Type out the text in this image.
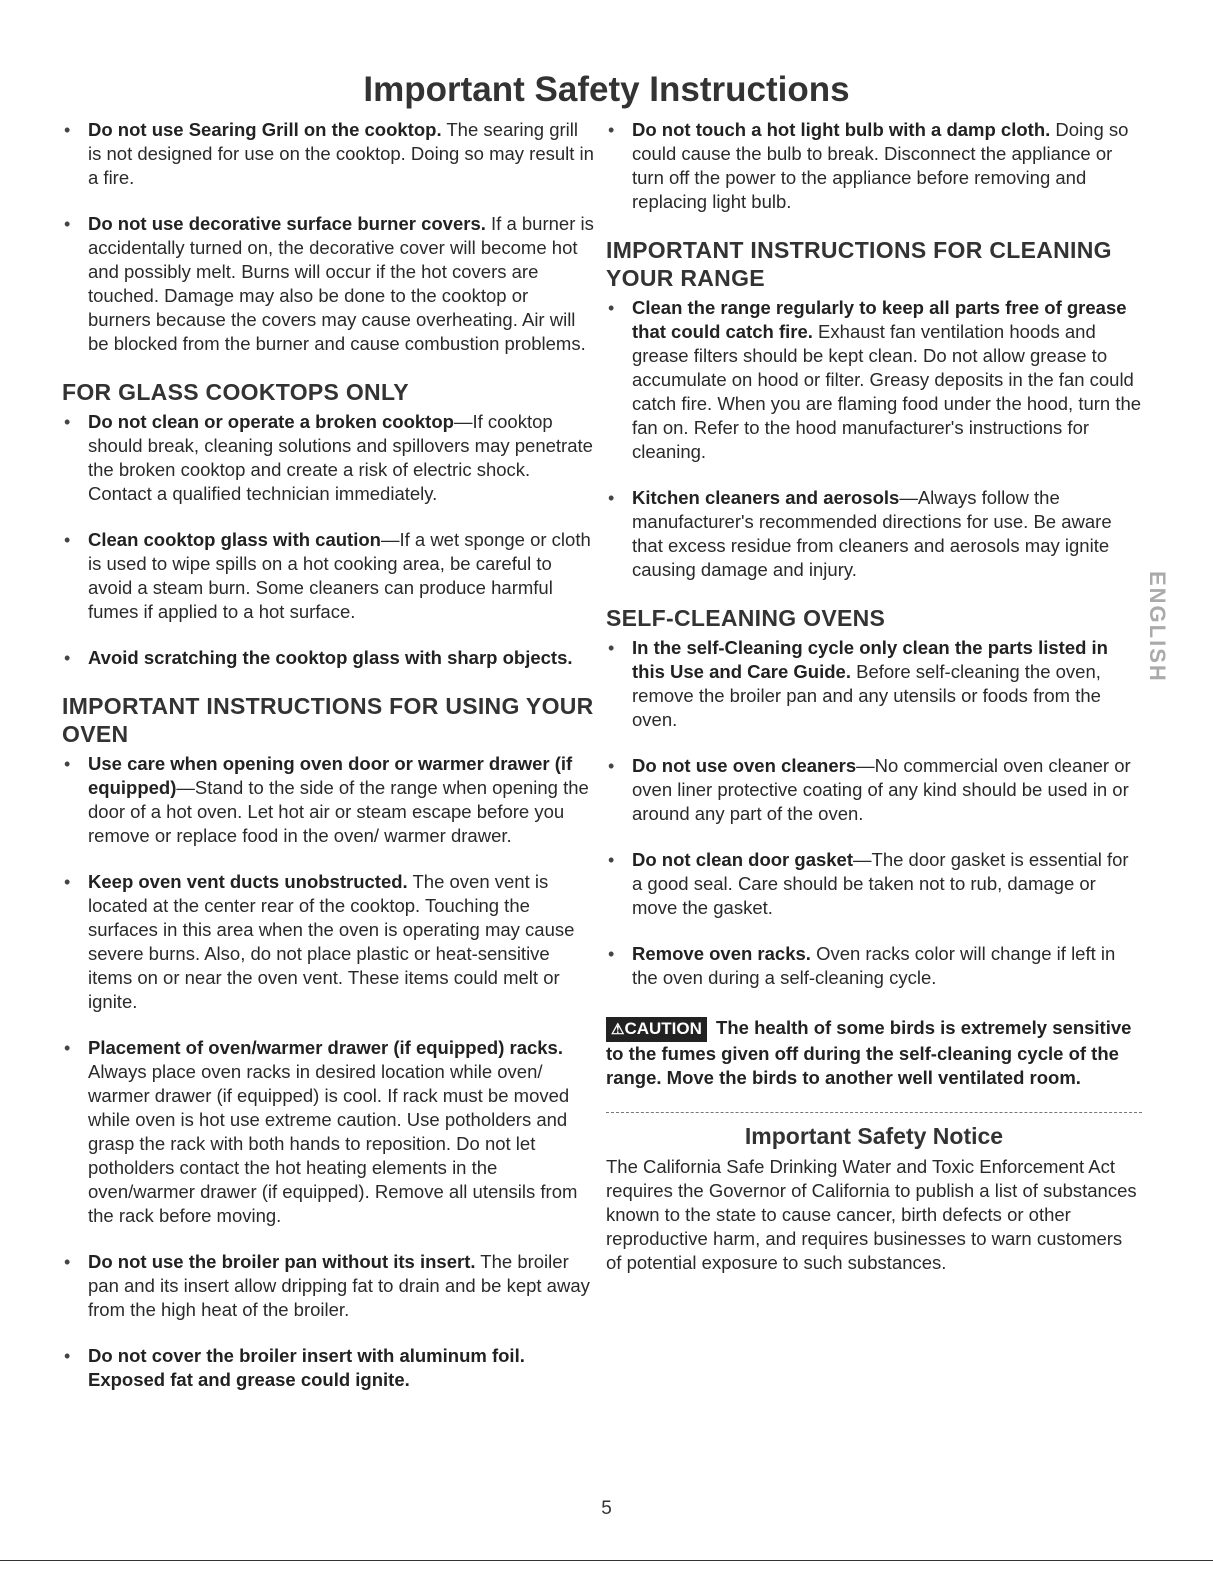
Important Safety Instructions
• Do not use Searing Grill on the cooktop. The searing grill is not designed for use on the cooktop. Doing so may result in a fire.
• Do not use decorative surface burner covers. If a burner is accidentally turned on, the decorative cover will become hot and possibly melt. Burns will occur if the hot covers are touched. Damage may also be done to the cooktop or burners because the covers may cause overheating. Air will be blocked from the burner and cause combustion problems.
FOR GLASS COOKTOPS ONLY
• Do not clean or operate a broken cooktop—If cooktop should break, cleaning solutions and spillovers may penetrate the broken cooktop and create a risk of electric shock. Contact a qualified technician immediately.
• Clean cooktop glass with caution—If a wet sponge or cloth is used to wipe spills on a hot cooking area, be careful to avoid a steam burn. Some cleaners can produce harmful fumes if applied to a hot surface.
• Avoid scratching the cooktop glass with sharp objects.
IMPORTANT INSTRUCTIONS FOR USING YOUR OVEN
• Use care when opening oven door or warmer drawer (if equipped)—Stand to the side of the range when opening the door of a hot oven. Let hot air or steam escape before you remove or replace food in the oven/ warmer drawer.
• Keep oven vent ducts unobstructed. The oven vent is located at the center rear of the cooktop. Touching the surfaces in this area when the oven is operating may cause severe burns. Also, do not place plastic or heat-sensitive items on or near the oven vent. These items could melt or ignite.
• Placement of oven/warmer drawer (if equipped) racks. Always place oven racks in desired location while oven/ warmer drawer (if equipped) is cool. If rack must be moved while oven is hot use extreme caution. Use potholders and grasp the rack with both hands to reposition. Do not let potholders contact the hot heating elements in the oven/warmer drawer (if equipped). Remove all utensils from the rack before moving.
• Do not use the broiler pan without its insert. The broiler pan and its insert allow dripping fat to drain and be kept away from the high heat of the broiler.
• Do not cover the broiler insert with aluminum foil. Exposed fat and grease could ignite.
• Do not touch a hot light bulb with a damp cloth. Doing so could cause the bulb to break. Disconnect the appliance or turn off the power to the appliance before removing and replacing light bulb.
IMPORTANT INSTRUCTIONS FOR CLEANING YOUR RANGE
• Clean the range regularly to keep all parts free of grease that could catch fire. Exhaust fan ventilation hoods and grease filters should be kept clean. Do not allow grease to accumulate on hood or filter. Greasy deposits in the fan could catch fire. When you are flaming food under the hood, turn the fan on. Refer to the hood manufacturer's instructions for cleaning.
• Kitchen cleaners and aerosols—Always follow the manufacturer's recommended directions for use. Be aware that excess residue from cleaners and aerosols may ignite causing damage and injury.
SELF-CLEANING OVENS
• In the self-Cleaning cycle only clean the parts listed in this Use and Care Guide. Before self-cleaning the oven, remove the broiler pan and any utensils or foods from the oven.
• Do not use oven cleaners—No commercial oven cleaner or oven liner protective coating of any kind should be used in or around any part of the oven.
• Do not clean door gasket—The door gasket is essential for a good seal. Care should be taken not to rub, damage or move the gasket.
• Remove oven racks. Oven racks color will change if left in the oven during a self-cleaning cycle.
⚠CAUTION The health of some birds is extremely sensitive to the fumes given off during the self-cleaning cycle of the range. Move the birds to another well ventilated room.
Important Safety Notice

The California Safe Drinking Water and Toxic Enforcement Act requires the Governor of California to publish a list of substances known to the state to cause cancer, birth defects or other reproductive harm, and requires businesses to warn customers of potential exposure to such substances.

ENGLISH
5
